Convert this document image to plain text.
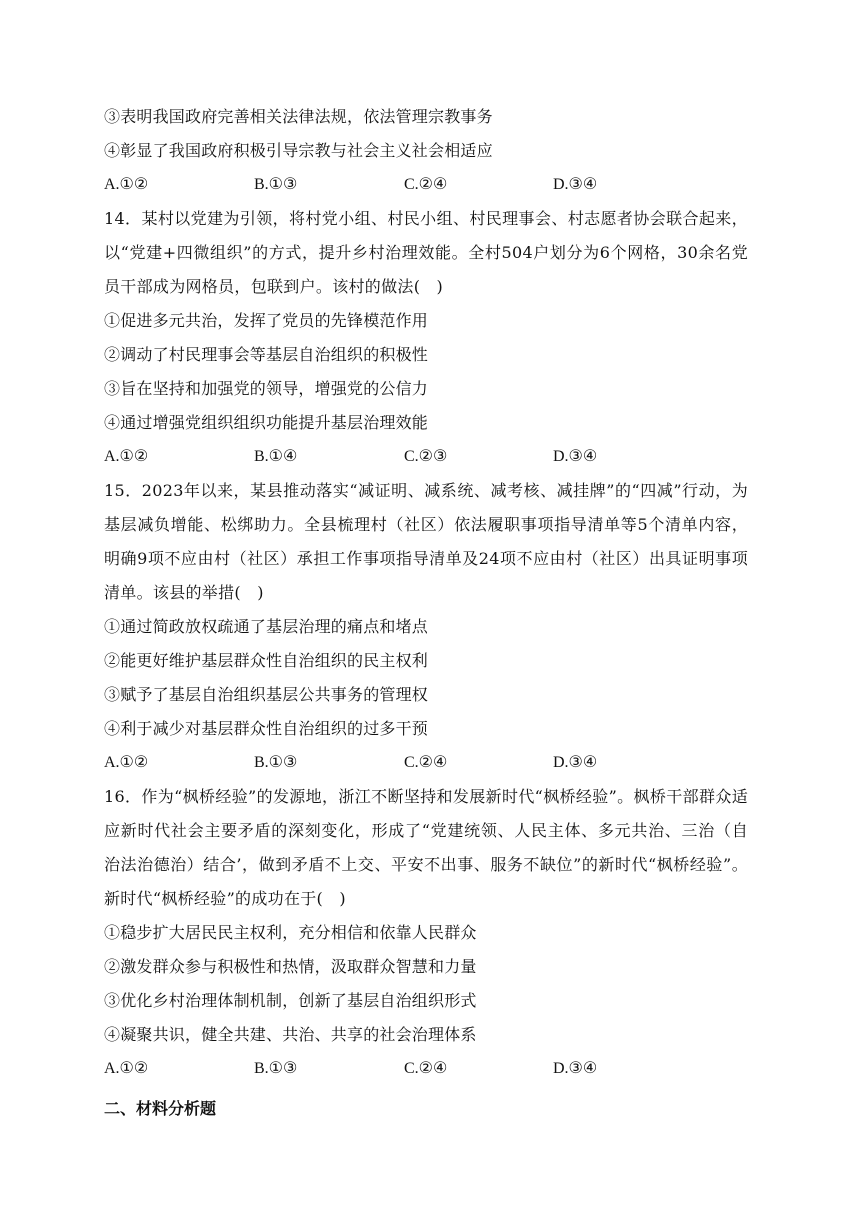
③表明我国政府完善相关法律法规，依法管理宗教事务
④彰显了我国政府积极引导宗教与社会主义社会相适应
A.①②	B.①③	C.②④	D.③④
14．某村以党建为引领，将村党小组、村民小组、村民理事会、村志愿者协会联合起来，以“党建+四微组织”的方式，提升乡村治理效能。全村504户划分为6个网格，30余名党员干部成为网格员，包联到户。该村的做法(　)
①促进多元共治，发挥了党员的先锋模范作用
②调动了村民理事会等基层自治组织的积极性
③旨在坚持和加强党的领导，增强党的公信力
④通过增强党组织组织功能提升基层治理效能
A.①②	B.①④	C.②③	D.③④
15．2023年以来，某县推动落实“减证明、减系统、减考核、减挂牌”的“四减”行动，为基层减负增能、松绑助力。全县梳理村（社区）依法履职事项指导清单等5个清单内容，明确9项不应由村（社区）承担工作事项指导清单及24项不应由村（社区）出具证明事项清单。该县的举措(　)
①通过简政放权疏通了基层治理的痛点和堵点
②能更好维护基层群众性自治组织的民主权利
③赋予了基层自治组织基层公共事务的管理权
④利于减少对基层群众性自治组织的过多干预
A.①②	B.①③	C.②④	D.③④
16．作为“枫桥经验”的发源地，浙江不断坚持和发展新时代“枫桥经验”。枫桥干部群众适应新时代社会主要矛盾的深刻变化，形成了“党建统领、人民主体、多元共治、三治（自治法治德治）结合’，做到矛盾不上交、平安不出事、服务不缺位”的新时代“枫桥经验”。新时代“枫桥经验”的成功在于(　)
①稳步扩大居民民主权利，充分相信和依靠人民群众
②激发群众参与积极性和热情，汲取群众智慧和力量
③优化乡村治理体制机制，创新了基层自治组织形式
④凝聚共识，健全共建、共治、共享的社会治理体系
A.①②	B.①③	C.②④	D.③④
二、材料分析题
